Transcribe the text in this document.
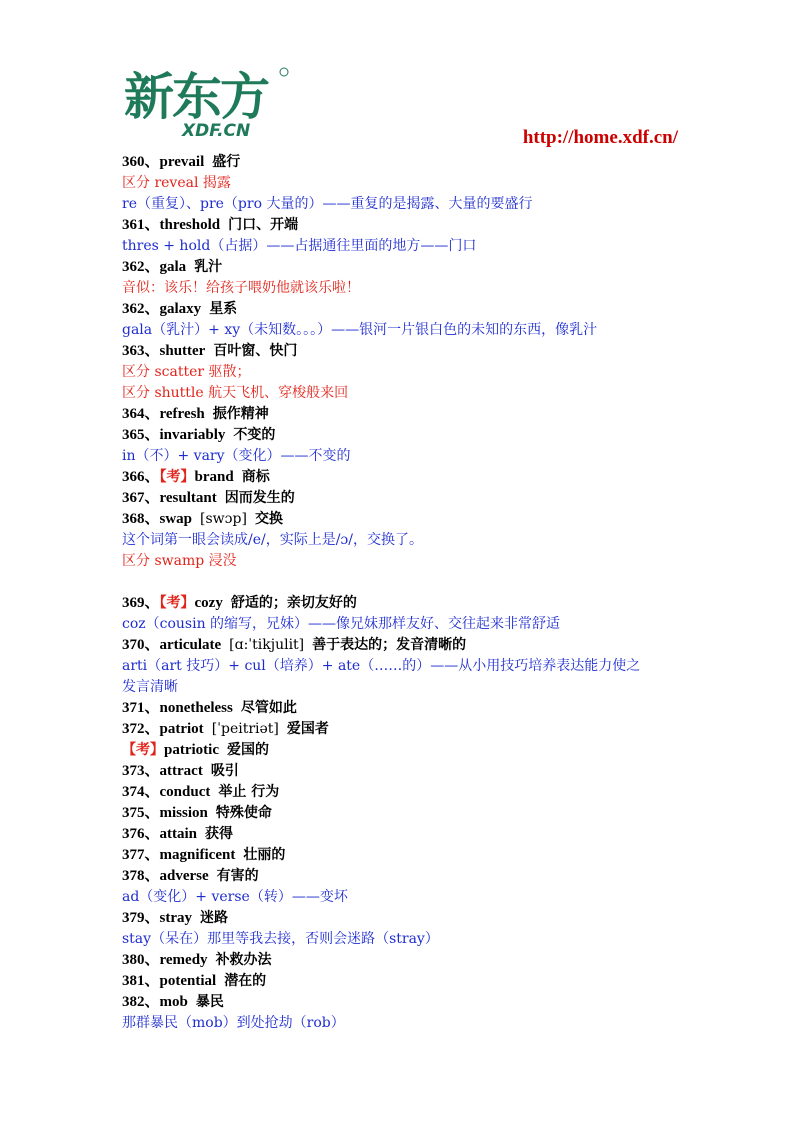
新东方
XDF.CN	http://home.xdf.cn/
360、prevail 盛行
区分 reveal 揭露
re（重复）、pre（pro 大量的）——重复的是揭露、大量的要盛行
361、threshold 门口、开端
thres + hold（占据）——占据通往里面的地方——门口
362、gala 乳汁
音似：该乐！给孩子喂奶他就该乐啦！
362、galaxy 星系
gala（乳汁）+ xy（未知数。。。）——银河一片银白色的未知的东西，像乳汁
363、shutter 百叶窗、快门
区分 scatter 驱散；
区分 shuttle 航天飞机、穿梭般来回
364、refresh 振作精神
365、invariably 不变的
in（不）+ vary（变化）——不变的
366、【考】brand 商标
367、resultant 因而发生的
368、swap [swɔp] 交换
这个词第一眼会读成/e/，实际上是/ɔ/，交换了。
区分 swamp 浸没
369、【考】cozy 舒适的；亲切友好的
coz（cousin 的缩写，兄妹）——像兄妹那样友好、交往起来非常舒适
370、articulate [ɑ:ˈtikjulit] 善于表达的；发音清晰的
arti（art 技巧）+ cul（培养）+ ate（……的）——从小用技巧培养表达能力使之
发言清晰
371、nonetheless 尽管如此
372、patriot [ˈpeitriət] 爱国者
【考】patriotic 爱国的
373、attract 吸引
374、conduct 举止 行为
375、mission 特殊使命
376、attain 获得
377、magnificent 壮丽的
378、adverse 有害的
ad（变化）+ verse（转）——变坏
379、stray 迷路
stay（呆在）那里等我去接，否则会迷路（stray）
380、remedy 补救办法
381、potential 潜在的
382、mob 暴民
那群暴民（mob）到处抢劫（rob）
